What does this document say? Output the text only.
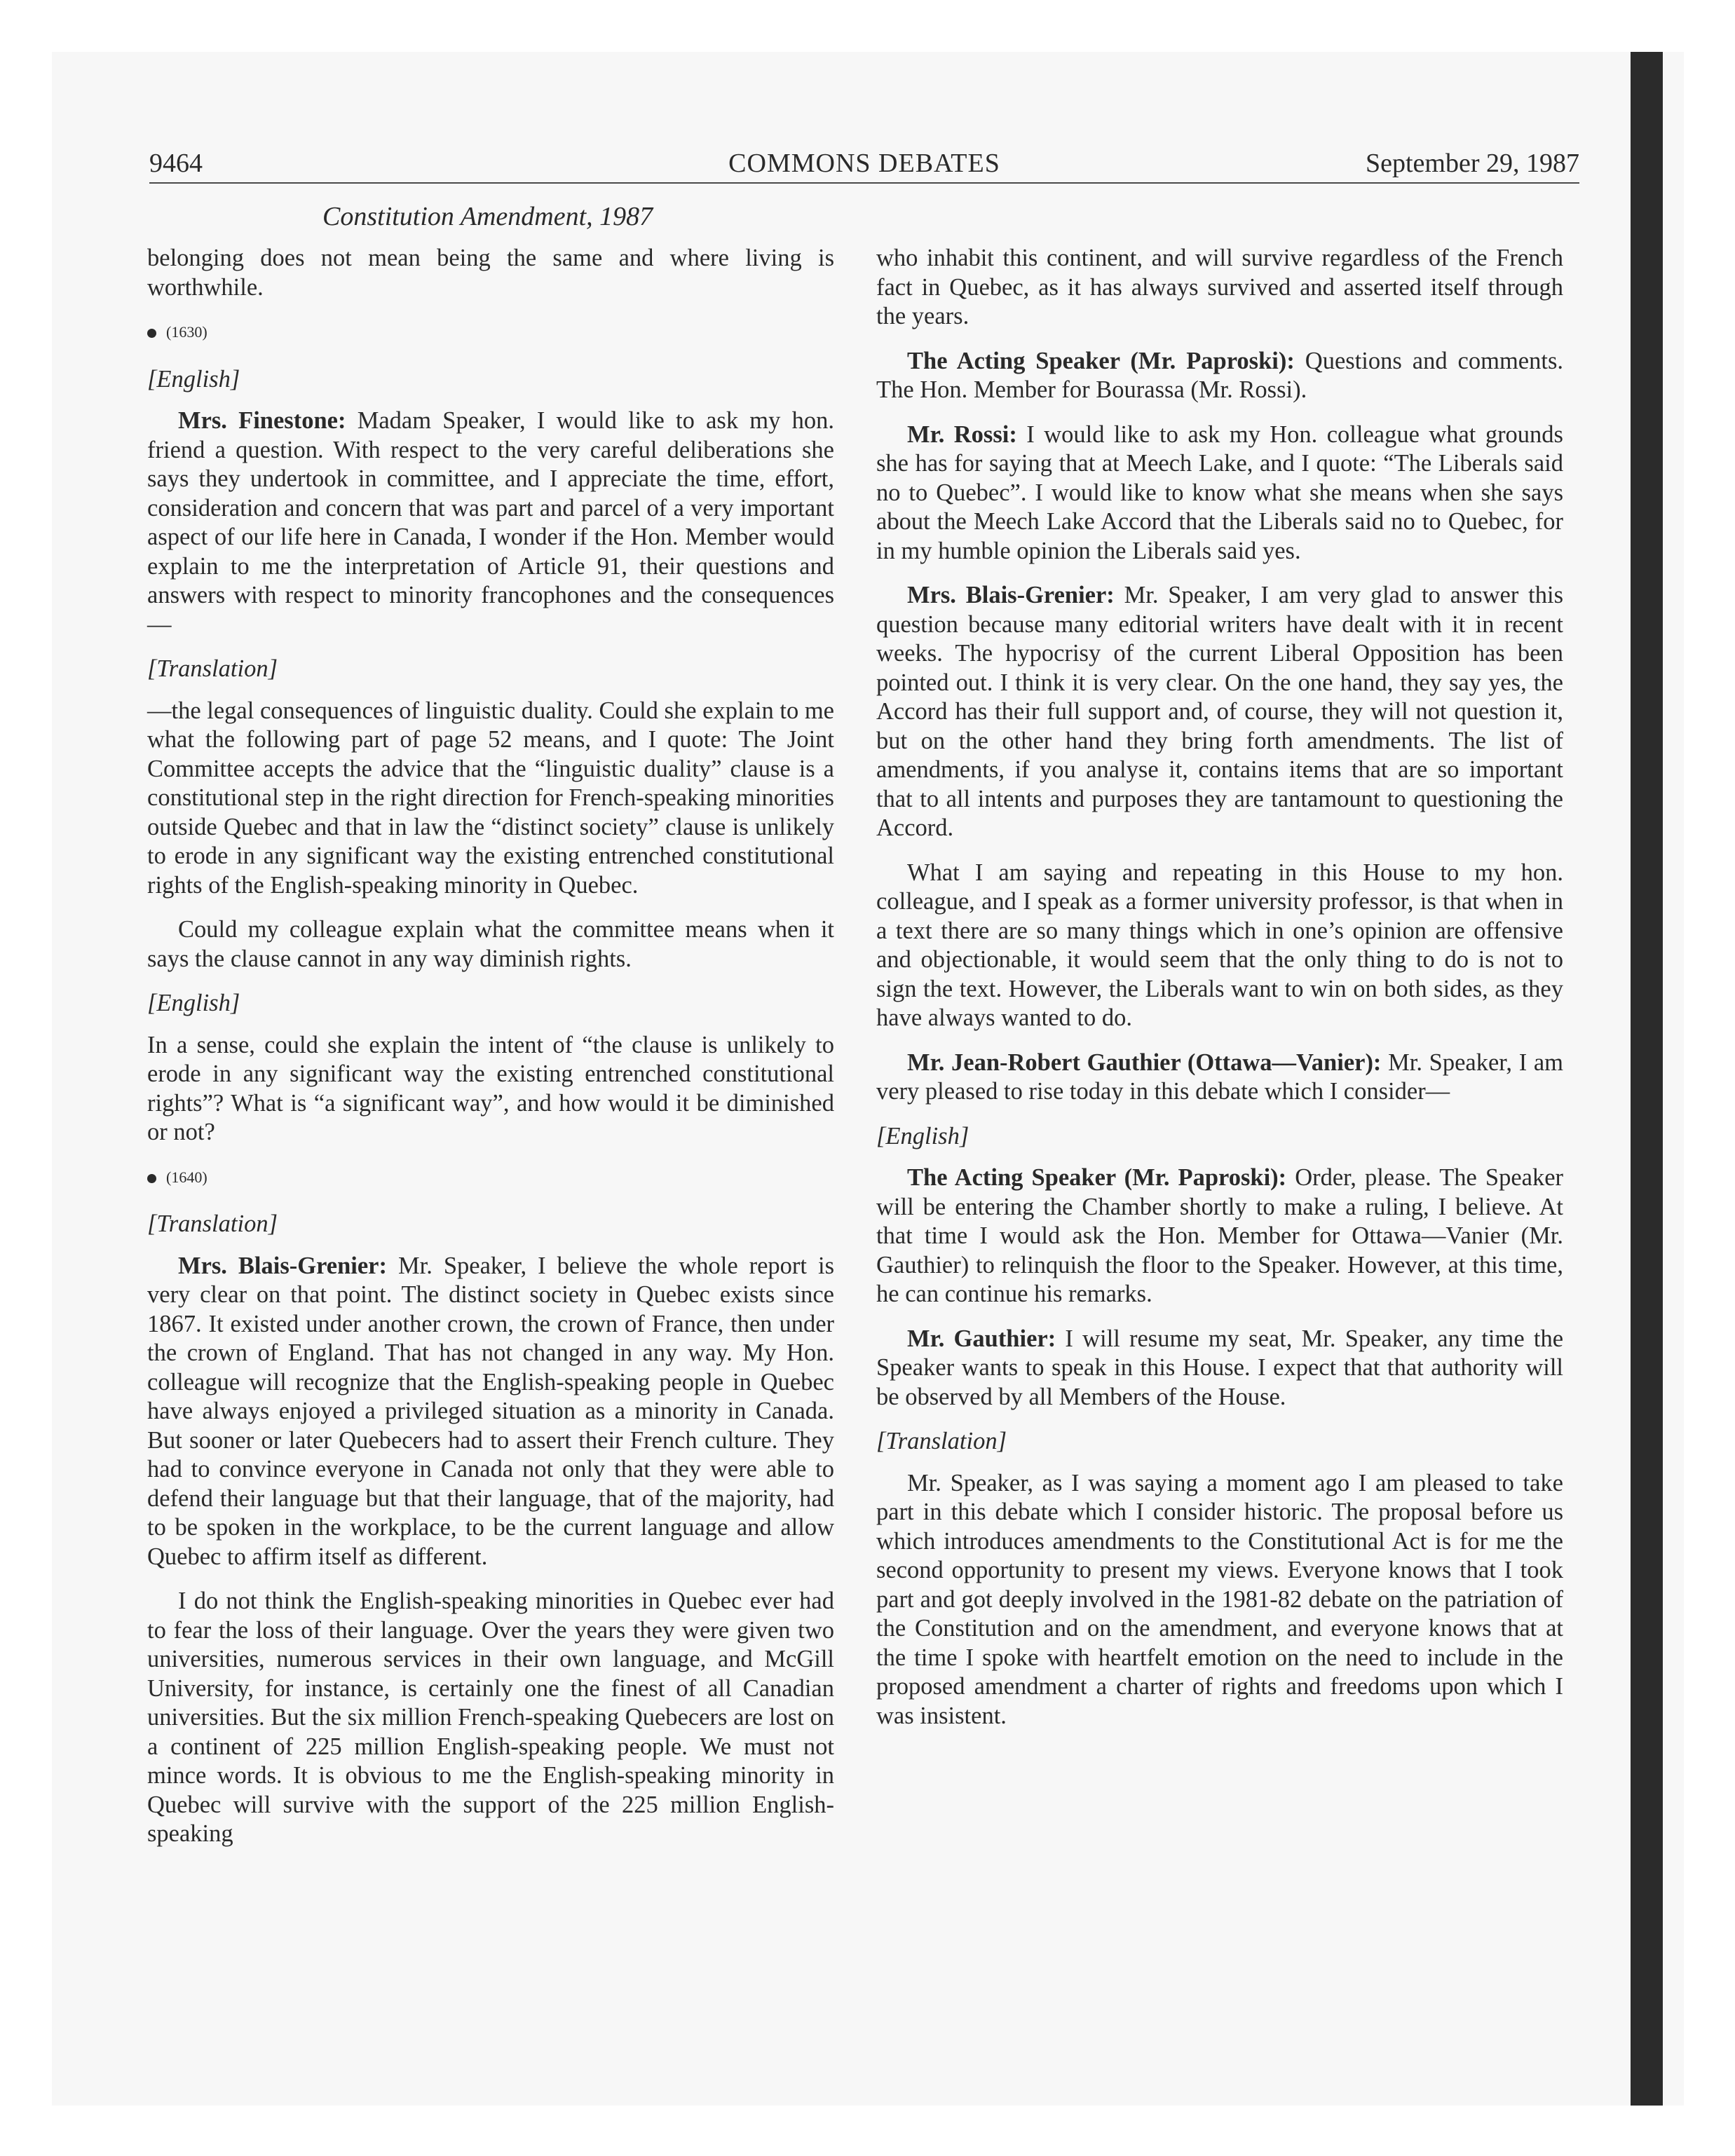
9464	COMMONS DEBATES	September 29, 1987
Constitution Amendment, 1987

belonging does not mean being the same and where living is worthwhile.

(1630)
[English]

Mrs. Finestone: Madam Speaker, I would like to ask my hon. friend a question. With respect to the very careful deliberations she says they undertook in committee, and I appreciate the time, effort, consideration and concern that was part and parcel of a very important aspect of our life here in Canada, I wonder if the Hon. Member would explain to me the interpretation of Article 91, their questions and answers with respect to minority francophones and the consequences—

[Translation]

—the legal consequences of linguistic duality. Could she explain to me what the following part of page 52 means, and I quote: The Joint Committee accepts the advice that the “linguistic duality” clause is a constitutional step in the right direction for French-speaking minorities outside Quebec and that in law the “distinct society” clause is unlikely to erode in any significant way the existing entrenched constitutional rights of the English-speaking minority in Quebec.

Could my colleague explain what the committee means when it says the clause cannot in any way diminish rights.

[English]

In a sense, could she explain the intent of “the clause is unlikely to erode in any significant way the existing entrenched constitutional rights”? What is “a significant way”, and how would it be diminished or not?

(1640)
[Translation]

Mrs. Blais-Grenier: Mr. Speaker, I believe the whole report is very clear on that point. The distinct society in Quebec exists since 1867. It existed under another crown, the crown of France, then under the crown of England. That has not changed in any way. My Hon. colleague will recognize that the English-speaking people in Quebec have always enjoyed a privileged situation as a minority in Canada. But sooner or later Quebecers had to assert their French culture. They had to convince everyone in Canada not only that they were able to defend their language but that their language, that of the majority, had to be spoken in the workplace, to be the current language and allow Quebec to affirm itself as different.

I do not think the English-speaking minorities in Quebec ever had to fear the loss of their language. Over the years they were given two universities, numerous services in their own language, and McGill University, for instance, is certainly one the finest of all Canadian universities. But the six million French-speaking Quebecers are lost on a continent of 225 million English-speaking people. We must not mince words. It is obvious to me the English-speaking minority in Quebec will survive with the support of the 225 million English-speaking

who inhabit this continent, and will survive regardless of the French fact in Quebec, as it has always survived and asserted itself through the years.

The Acting Speaker (Mr. Paproski): Questions and comments. The Hon. Member for Bourassa (Mr. Rossi).

Mr. Rossi: I would like to ask my Hon. colleague what grounds she has for saying that at Meech Lake, and I quote: “The Liberals said no to Quebec”. I would like to know what she means when she says about the Meech Lake Accord that the Liberals said no to Quebec, for in my humble opinion the Liberals said yes.

Mrs. Blais-Grenier: Mr. Speaker, I am very glad to answer this question because many editorial writers have dealt with it in recent weeks. The hypocrisy of the current Liberal Opposition has been pointed out. I think it is very clear. On the one hand, they say yes, the Accord has their full support and, of course, they will not question it, but on the other hand they bring forth amendments. The list of amendments, if you analyse it, contains items that are so important that to all intents and purposes they are tantamount to questioning the Accord.

What I am saying and repeating in this House to my hon. colleague, and I speak as a former university professor, is that when in a text there are so many things which in one’s opinion are offensive and objectionable, it would seem that the only thing to do is not to sign the text. However, the Liberals want to win on both sides, as they have always wanted to do.

Mr. Jean-Robert Gauthier (Ottawa—Vanier): Mr. Speaker, I am very pleased to rise today in this debate which I consider—

[English]

The Acting Speaker (Mr. Paproski): Order, please. The Speaker will be entering the Chamber shortly to make a ruling, I believe. At that time I would ask the Hon. Member for Ottawa—Vanier (Mr. Gauthier) to relinquish the floor to the Speaker. However, at this time, he can continue his remarks.

Mr. Gauthier: I will resume my seat, Mr. Speaker, any time the Speaker wants to speak in this House. I expect that that authority will be observed by all Members of the House.

[Translation]

Mr. Speaker, as I was saying a moment ago I am pleased to take part in this debate which I consider historic. The proposal before us which introduces amendments to the Constitutional Act is for me the second opportunity to present my views. Everyone knows that I took part and got deeply involved in the 1981-82 debate on the patriation of the Constitution and on the amendment, and everyone knows that at the time I spoke with heartfelt emotion on the need to include in the proposed amendment a charter of rights and freedoms upon which I was insistent.
